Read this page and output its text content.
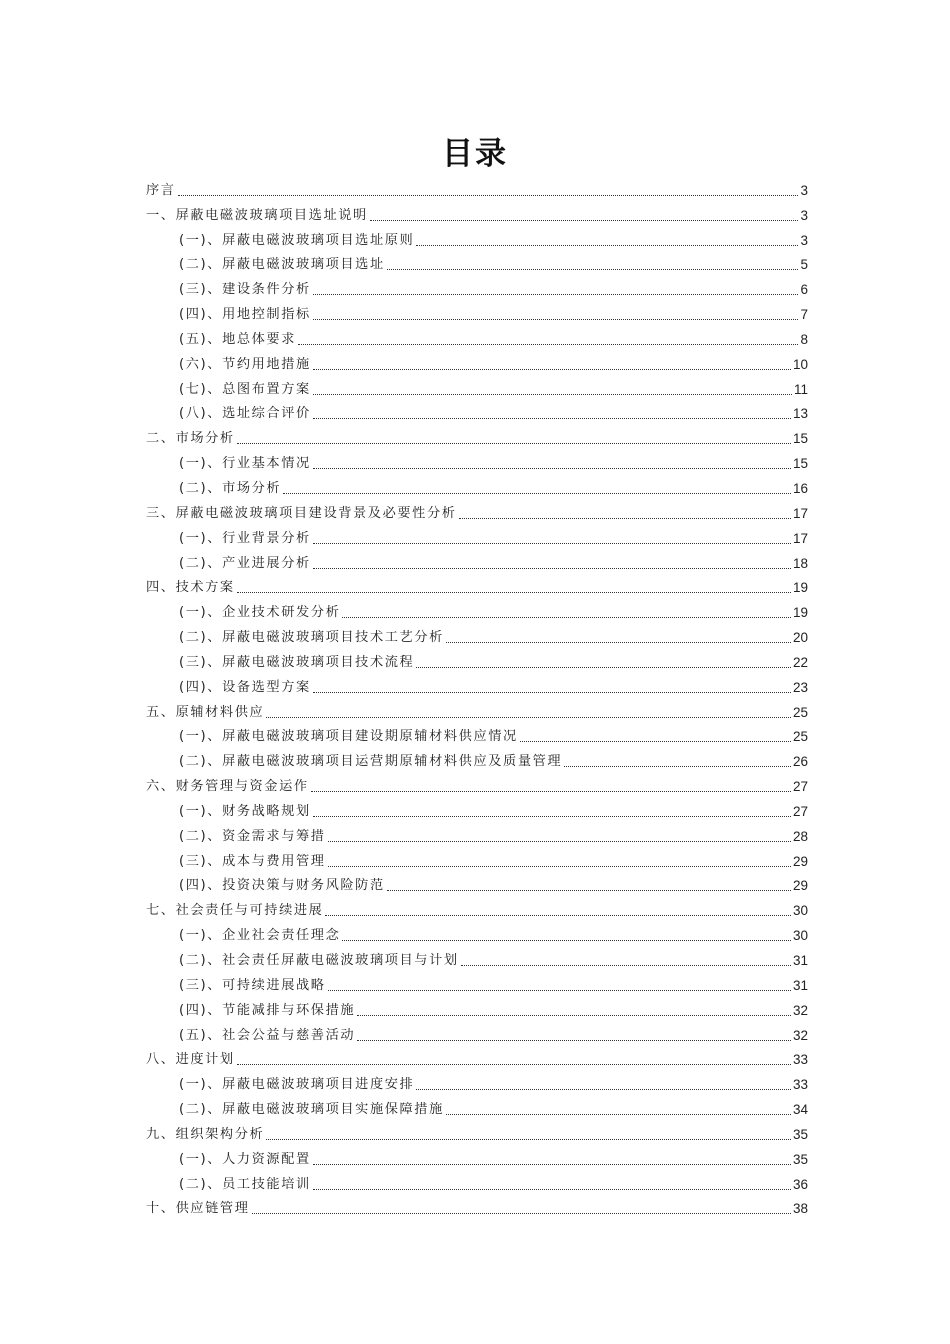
目录
序言	3
一、屏蔽电磁波玻璃项目选址说明	3
(一)、屏蔽电磁波玻璃项目选址原则	3
(二)、屏蔽电磁波玻璃项目选址	5
(三)、建设条件分析	6
(四)、用地控制指标	7
(五)、地总体要求	8
(六)、节约用地措施	10
(七)、总图布置方案	11
(八)、选址综合评价	13
二、市场分析	15
(一)、行业基本情况	15
(二)、市场分析	16
三、屏蔽电磁波玻璃项目建设背景及必要性分析	17
(一)、行业背景分析	17
(二)、产业进展分析	18
四、技术方案	19
(一)、企业技术研发分析	19
(二)、屏蔽电磁波玻璃项目技术工艺分析	20
(三)、屏蔽电磁波玻璃项目技术流程	22
(四)、设备选型方案	23
五、原辅材料供应	25
(一)、屏蔽电磁波玻璃项目建设期原辅材料供应情况	25
(二)、屏蔽电磁波玻璃项目运营期原辅材料供应及质量管理	26
六、财务管理与资金运作	27
(一)、财务战略规划	27
(二)、资金需求与筹措	28
(三)、成本与费用管理	29
(四)、投资决策与财务风险防范	29
七、社会责任与可持续进展	30
(一)、企业社会责任理念	30
(二)、社会责任屏蔽电磁波玻璃项目与计划	31
(三)、可持续进展战略	31
(四)、节能减排与环保措施	32
(五)、社会公益与慈善活动	32
八、进度计划	33
(一)、屏蔽电磁波玻璃项目进度安排	33
(二)、屏蔽电磁波玻璃项目实施保障措施	34
九、组织架构分析	35
(一)、人力资源配置	35
(二)、员工技能培训	36
十、供应链管理	38
